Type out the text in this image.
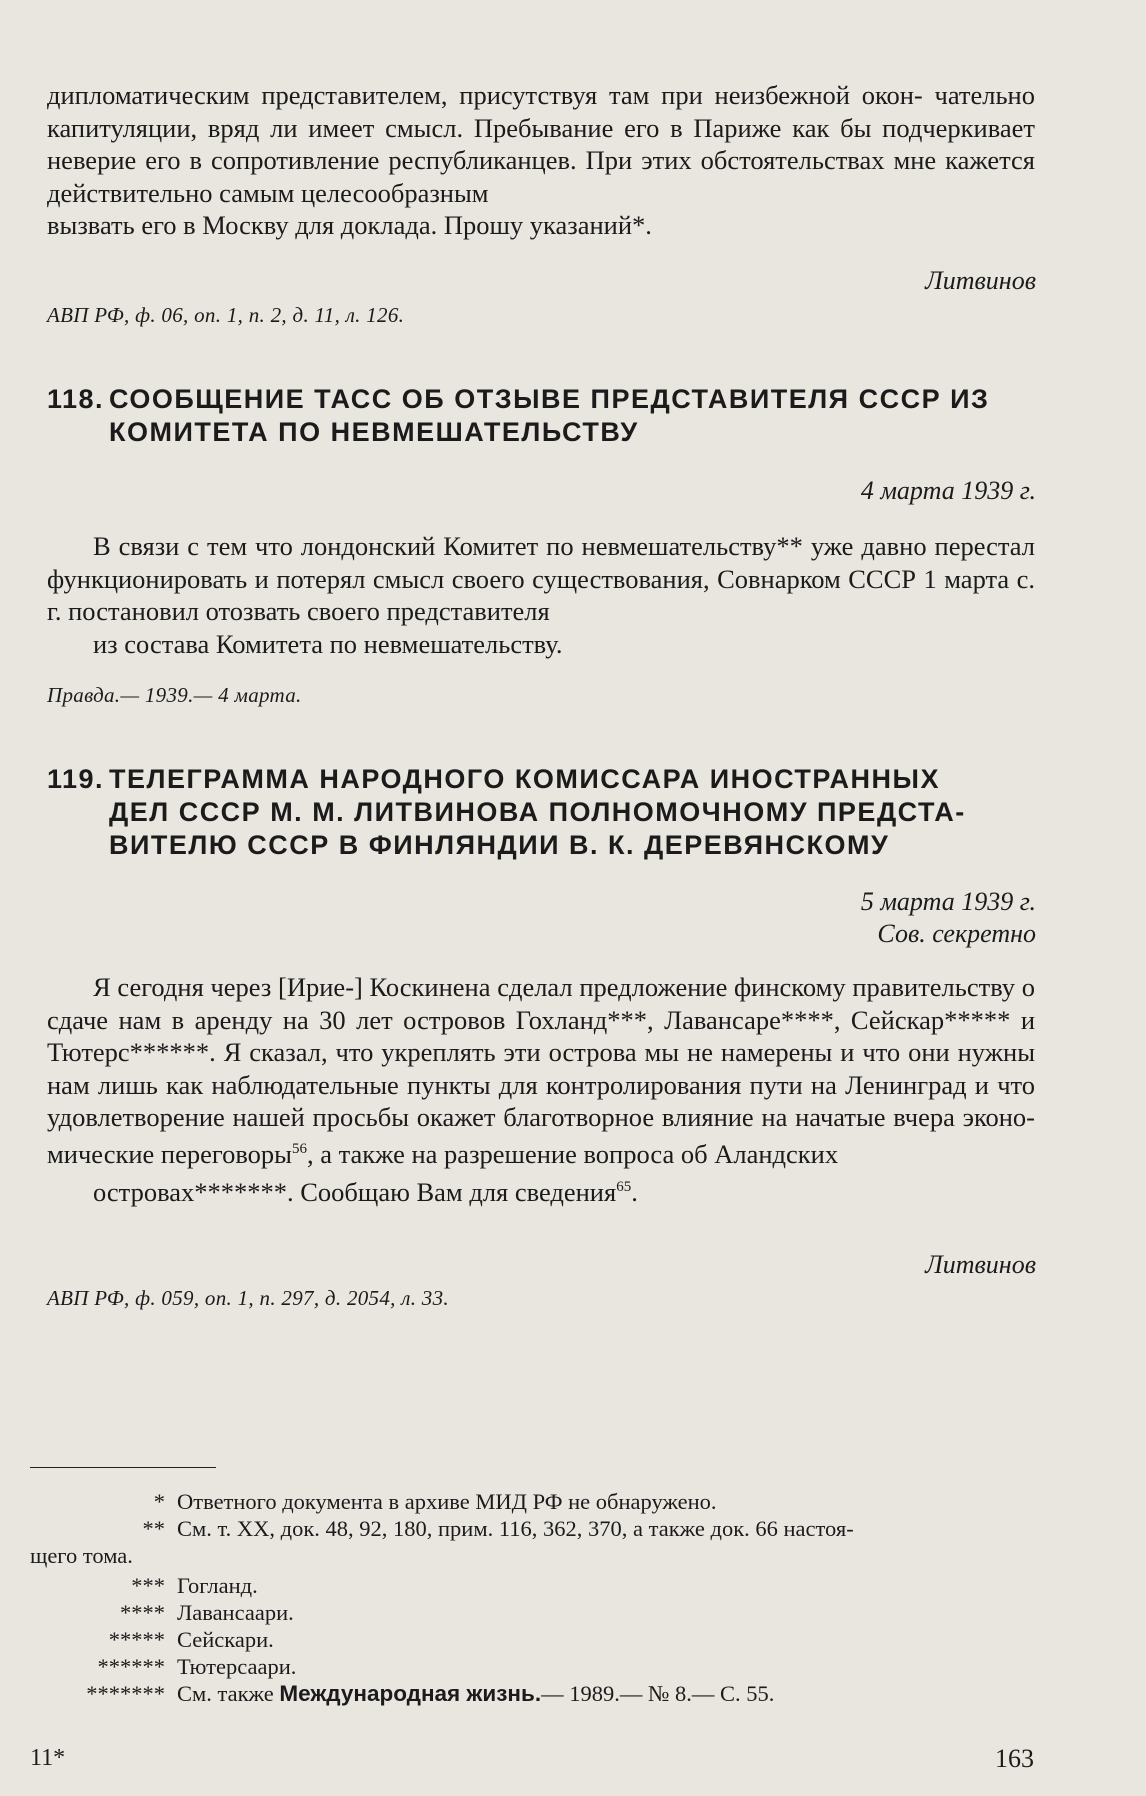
дипломатическим представителем, присутствуя там при неизбежной окон- чательно капитуляции, вряд ли имеет смысл. Пребывание его в Париже как бы подчеркивает неверие его в сопротивление республиканцев. При этих обстоятельствах мне кажется действительно самым целесообразным
вызвать его в Москву для доклада. Прошу указаний*.

Литвинов
АВП РФ, ф. 06, оп. 1, п. 2, д. 11, л. 126.
118. СООБЩЕНИЕ ТАСС ОБ ОТЗЫВЕ ПРЕДСТАВИТЕЛЯ СССР ИЗ
КОМИТЕТА ПО НЕВМЕШАТЕЛЬСТВУ
4 марта 1939 г.

В связи с тем что лондонский Комитет по невмешательству** уже давно перестал функционировать и потерял смысл своего существования, Совнарком СССР 1 марта с. г. постановил отозвать своего представителя
из состава Комитета по невмешательству.

Правда.— 1939.— 4 марта.
119. ТЕЛЕГРАММА НАРОДНОГО КОМИССАРА ИНОСТРАННЫХ
ДЕЛ СССР М. М. ЛИТВИНОВА ПОЛНОМОЧНОМУ ПРЕДСТА-
ВИТЕЛЮ СССР В ФИНЛЯНДИИ В. К. ДЕРЕВЯНСКОМУ
5 марта 1939 г.
Сов. секретно

Я сегодня через [Ирие-] Коскинена сделал предложение финскому правительству о сдаче нам в аренду на 30 лет островов Гохланд***, Лавансаре****, Сейскар***** и Тютерс******. Я сказал, что укреплять эти острова мы не намерены и что они нужны нам лишь как наблюдательные пункты для контролирования пути на Ленинград и что удовлетворение нашей просьбы окажет благотворное влияние на начатые вчера эконо- мические переговоры$^{56}$, а также на разрешение вопроса об Аландских
островах*******. Сообщаю Вам для сведения$^{65}$.

Литвинов
АВП РФ, ф. 059, оп. 1, п. 297, д. 2054, л. 33.
* Ответного документа в архиве МИД РФ не обнаружено.
** См. т. XX, док. 48, 92, 180, прим. 116, 362, 370, а также док. 66 настоя-
щего тома.
*** Гогланд.
**** Лавансаари.
***** Сейскари.
****** Тютерсаари.
******* См. также Международная жизнь.— 1989.— № 8.— С. 55.
11*	163
